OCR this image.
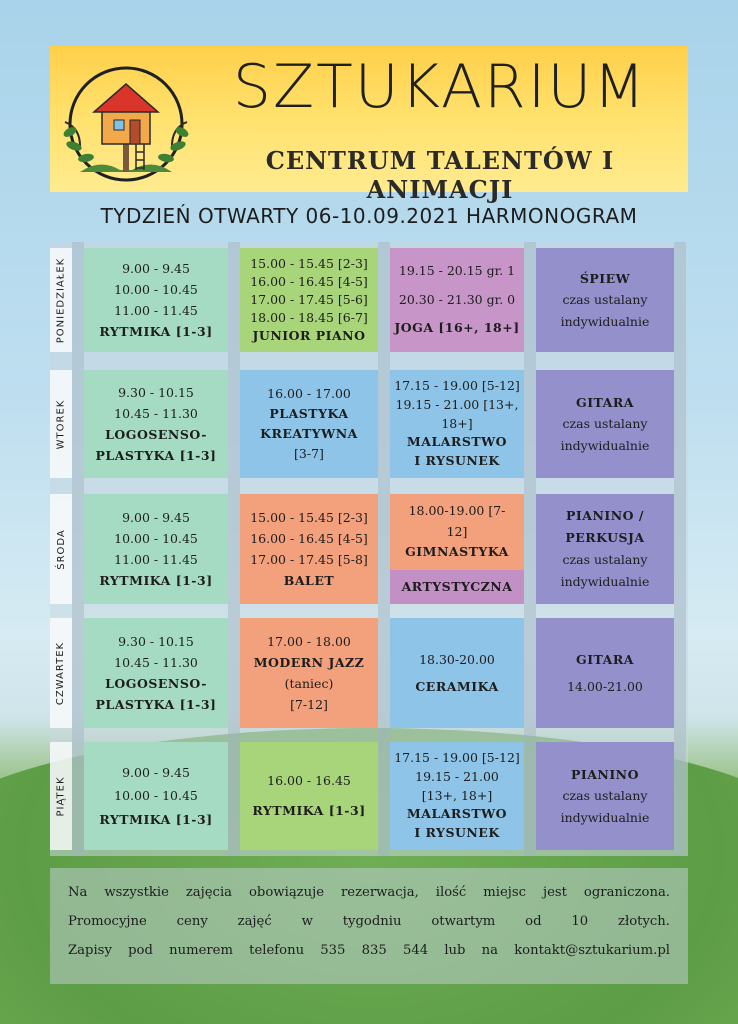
SZTUKARIUM
CENTRUM TALENTÓW I ANIMACJI
TYDZIEŃ OTWARTY 06-10.09.2021 HARMONOGRAM
PONIEDZIAŁEK	9.00 - 9.45

10.00 - 10.45

11.00 - 11.45

RYTMIKA [1-3]

15.00 - 15.45 [2-3]

16.00 - 16.45 [4-5]

17.00 - 17.45 [5-6]

18.00 - 18.45 [6-7]

JUNIOR PIANO

19.15 - 20.15 gr. 1

20.30 - 21.30 gr. 0

JOGA [16+, 18+]

ŚPIEW

czas ustalany

indywidualnie

WTOREK

9.30 - 10.15

10.45 - 11.30

LOGOSENSO-

PLASTYKA [1-3]

16.00 - 17.00

PLASTYKA

KREATYWNA

[3-7]

17.15 - 19.00 [5-12]

19.15 - 21.00 [13+,

18+]

MALARSTWO

I RYSUNEK

GITARA

czas ustalany

indywidualnie

ŚRODA

9.00 - 9.45

10.00 - 10.45

11.00 - 11.45

RYTMIKA [1-3]

15.00 - 15.45 [2-3]

16.00 - 16.45 [4-5]

17.00 - 17.45 [5-8]

BALET

18.00-19.00 [7-

12]

GIMNASTYKA

ARTYSTYCZNA

PIANINO /

PERKUSJA

czas ustalany

indywidualnie

CZWARTEK

9.30 - 10.15

10.45 - 11.30

LOGOSENSO-

PLASTYKA [1-3]

17.00 - 18.00

MODERN JAZZ

(taniec)

[7-12]

18.30-20.00

CERAMIKA

GITARA

14.00-21.00

PIĄTEK

9.00 - 9.45

10.00 - 10.45

RYTMIKA [1-3]

16.00 - 16.45

RYTMIKA [1-3]

17.15 - 19.00 [5-12]

19.15 - 21.00

[13+, 18+]

MALARSTWO

I RYSUNEK

PIANINO

czas ustalany

indywidualnie

Na wszystkie zajęcia obowiązuje rezerwacja, ilość miejsc jest ograniczona.

Promocyjne ceny zajęć w tygodniu otwartym od 10 złotych.

Zapisy pod numerem telefonu 535 835 544 lub na kontakt@sztukarium.pl
